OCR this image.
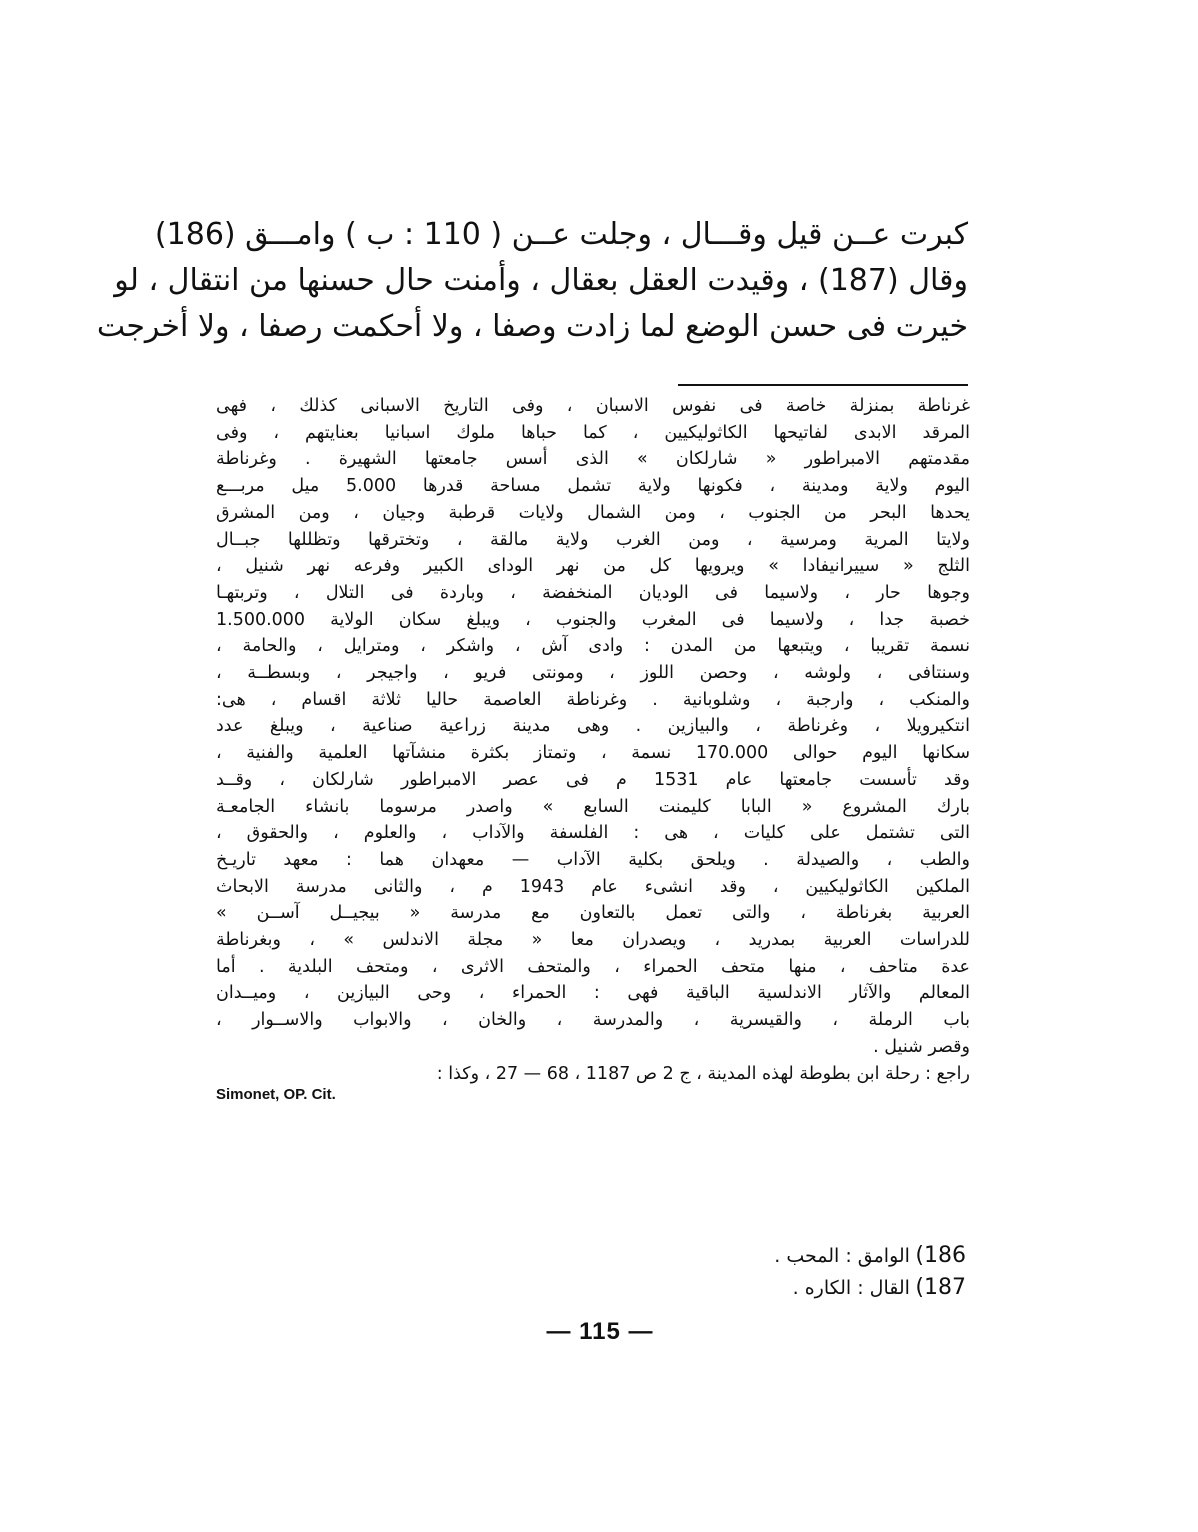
كبرت عــن قيل وقـــال ، وجلت عــن ( 110 : ب ) وامـــق (186)
وقال (187) ، وقيدت العقل بعقال ، وأمنت حال حسنها من انتقال ، لو
خيرت فى حسن الوضع لما زادت وصفا ، ولا أحكمت رصفا ، ولا أخرجت
غرناطة بمنزلة خاصة فى نفوس الاسبان ، وفى التاريخ الاسبانى كذلك ، فهى
المرقد الابدى لفاتيحها الكاثوليكيين ، كما حباها ملوك اسبانيا بعنايتهم ، وفى
مقدمتهم الامبراطور « شارلكان » الذى أسس جامعتها الشهيرة . وغرناطة
اليوم ولاية ومدينة ، فكونها ولاية تشمل مساحة قدرها 5.000 ميل مربـــع
يحدها البحر من الجنوب ، ومن الشمال ولايات قرطبة وجيان ، ومن المشرق
ولايتا المرية ومرسية ، ومن الغرب ولاية مالقة ، وتخترقها وتظللها جبــال
الثلج « سييرانيفادا » ويرويها كل من نهر الوداى الكبير وفرعه نهر شنيل ،
وجوها حار ، ولاسيما فى الوديان المنخفضة ، وباردة فى التلال ، وتربتهـا
خصبة جدا ، ولاسيما فى المغرب والجنوب ، ويبلغ سكان الولاية 1.500.000
نسمة تقريبا ، ويتبعها من المدن : وادى آش ، واشكر ، ومترايل ، والحامة ،
وسنتافى ، ولوشه ، وحصن اللوز ، ومونتى فريو ، واجيجر ، وبسطــة ،
والمنكب ، وارجبة ، وشلوبانية . وغرناطة العاصمة حاليا ثلاثة اقسام ، هى:
انتكيرويلا ، وغرناطة ، والبيازين . وهى مدينة زراعية صناعية ، ويبلغ عدد
سكانها اليوم حوالى 170.000 نسمة ، وتمتاز بكثرة منشآتها العلمية والفنية ،
وقد تأسست جامعتها عام 1531 م فى عصر الامبراطور شارلكان ، وقــد
بارك المشروع « البابا كليمنت السابع » واصدر مرسوما بانشاء الجامعـة
التى تشتمل على كليات ، هى : الفلسفة والآداب ، والعلوم ، والحقوق ،
والطب ، والصيدلة . ويلحق بكلية الآداب — معهدان هما : معهد تاريـخ
الملكين الكاثوليكيين ، وقد انشىء عام 1943 م ، والثانى مدرسة الابحاث
العربية بغرناطة ، والتى تعمل بالتعاون مع مدرسة « بيجيــل آســن »
للدراسات العربية بمدريد ، ويصدران معا « مجلة الاندلس » ، وبغرناطة
عدة متاحف ، منها متحف الحمراء ، والمتحف الاثرى ، ومتحف البلدية . أما
المعالم والآثار الاندلسية الباقية فهى : الحمراء ، وحى البيازين ، وميــدان
باب الرملة ، والقيسرية ، والمدرسة ، والخان ، والابواب والاســوار ،
وقصر شنيل .
راجع : رحلة ابن بطوطة لهذه المدينة ، ج 2 ص 1187 ، 68 — 27 ، وكذا :
Simonet, OP. Cit.
186) الوامق : المحب .
187) القال : الكاره .
— 115 —
